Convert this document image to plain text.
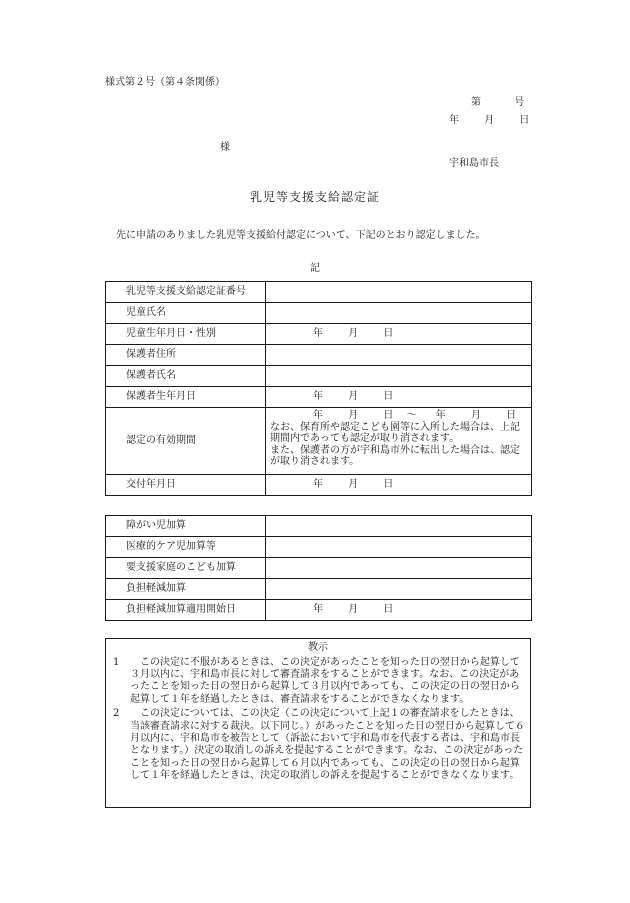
様式第２号（第４条関係）
第	号
年	月	日
様
宇和島市長
乳児等支援支給認定証
先に申請のありました乳児等支援給付認定について、下記のとおり認定しました。
記
乳児等支援支給認定証番号	
児童氏名	
児童生年月日・性別	年 月 日
保護者住所	
保護者氏名	
保護者生年月日	年 月 日
認定の有効期間	年 月 日 ～ 年 月 日
なお、保育所や認定こども園等に入所した場合は、上記期間内であっても認定が取り消されます。
また、保護者の方が宇和島市外に転出した場合は、認定が取り消されます。

交付年月日	年 月 日
障がい児加算	
医療的ケア児加算等	
要支援家庭のこども加算	
負担軽減加算	
負担軽減加算適用開始日	年 月 日
教示
1	この決定に不服があるときは、この決定があったことを知った日の翌日から起算して３月以内に、宇和島市長に対して審査請求をすることができます。なお、この決定があったことを知った日の翌日から起算して３月以内であっても、この決定の日の翌日から起算して１年を経過したときは、審査請求をすることができなくなります。

2	この決定については、この決定（この決定について上記１の審査請求をしたときは、当該審査請求に対する裁決。以下同じ。）があったことを知った日の翌日から起算して６月以内に、宇和島市を被告として（訴訟において宇和島市を代表する者は、宇和島市長となります。）決定の取消しの訴えを提起することができます。なお、この決定があったことを知った日の翌日から起算して６月以内であっても、この決定の日の翌日から起算して１年を経過したときは、決定の取消しの訴えを提起することができなくなります。
